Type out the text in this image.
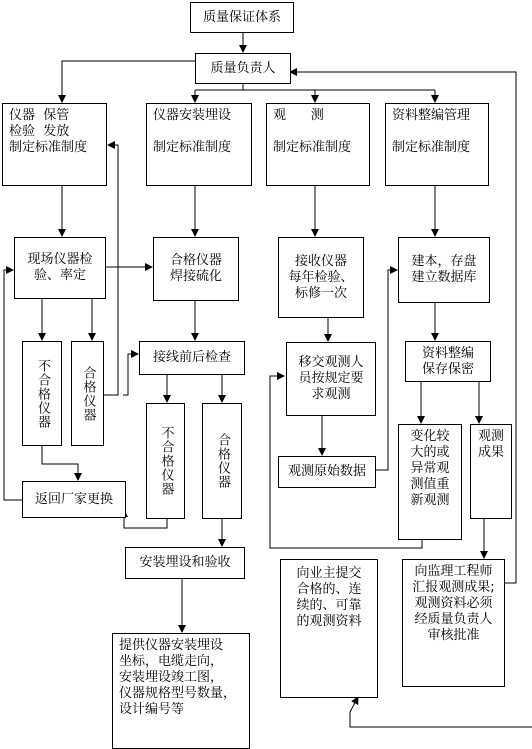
质量保证体系
质量负责人
仪器  保管
检验  发放
制定标准制度
仪器安装埋设

制定标准制度
观      测

制定标准制度
资料整编管理

制定标准制度
现场仪器检
验、率定
不合格仪器	合格仪器
返回厂家更换
合格仪器
焊接硫化
接线前后检查
不合格仪器	合格仪器
安装埋设和验收
提供仪器安装埋设
坐标，电缆走向，
安装埋设竣工图，
仪器规格型号数量，
设计编号等
接收仪器
每年检验、
标修一次
移交观测人
员按规定要
求观测
观测原始数据
建本，存盘
建立数据库
资料整编
保存保密
变化较大的或异常观测值重新观测
观测成果
向业主提交
合格的、连
续的、可靠
的观测资料
向监理工程师
汇报观测成果;
观测资料必须
经质量负责人
审核批准
